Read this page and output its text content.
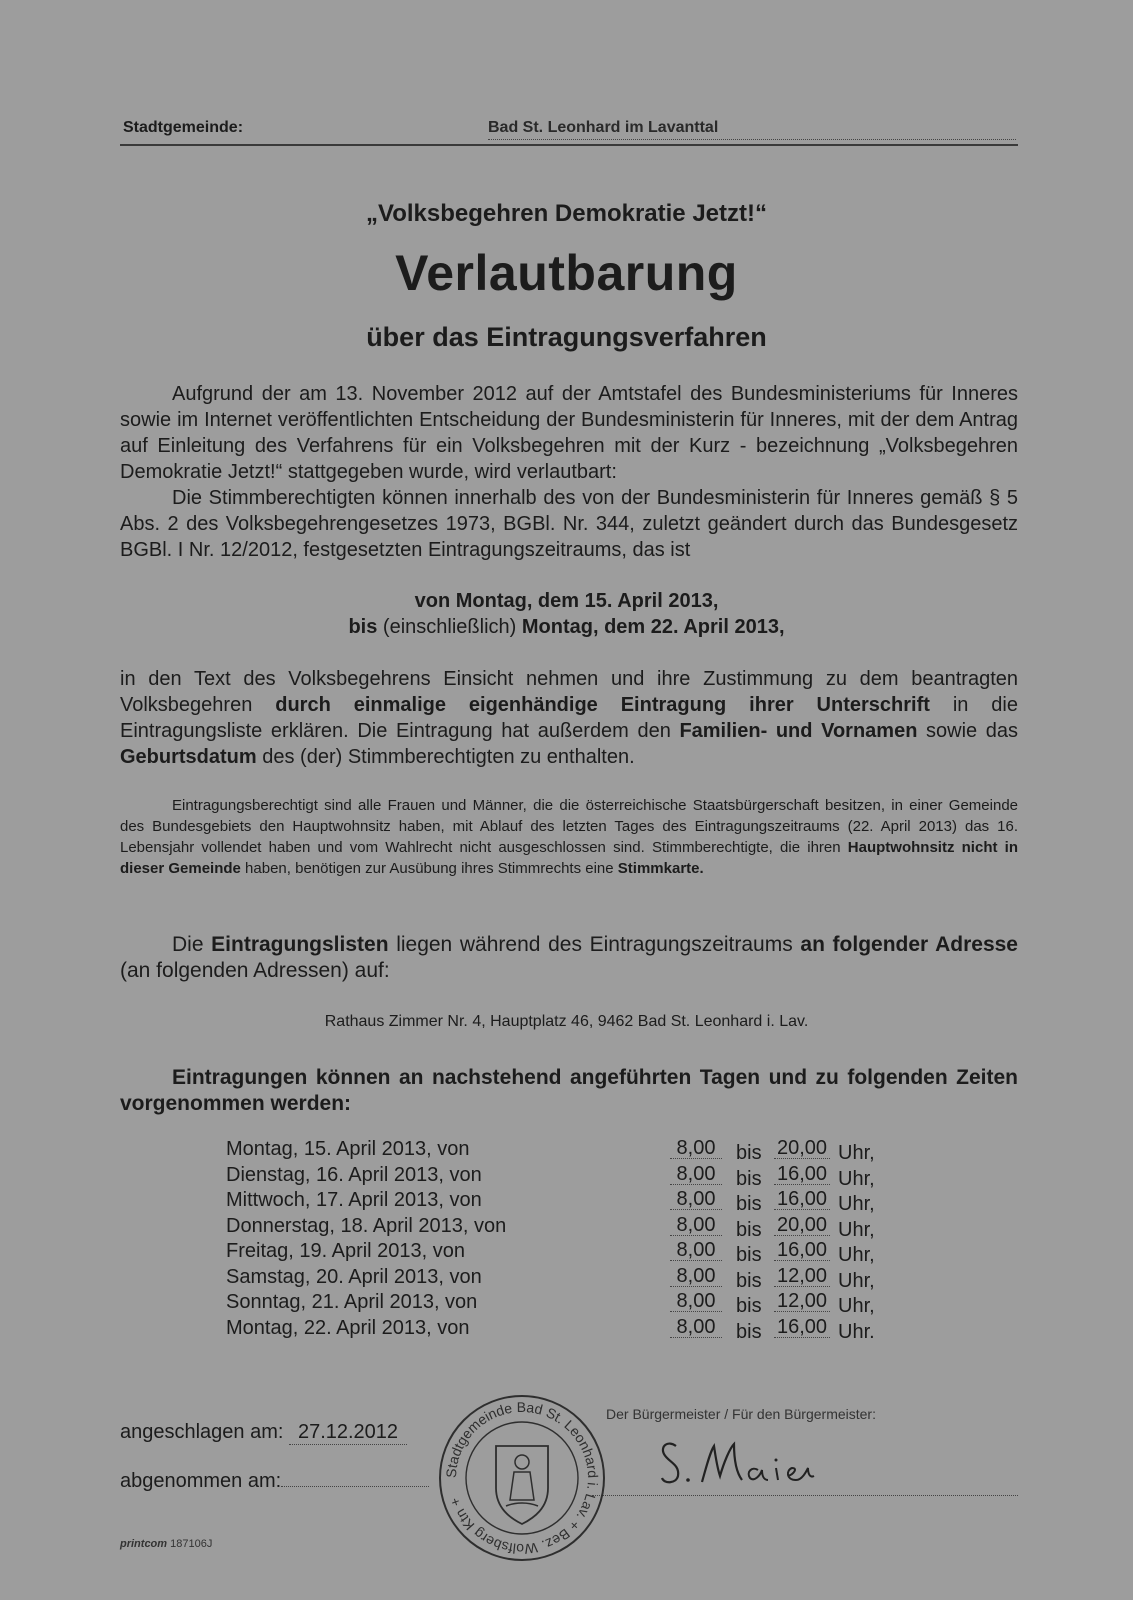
Stadtgemeinde:	Bad St. Leonhard im Lavanttal
„Volksbegehren Demokratie Jetzt!“
Verlautbarung
über das Eintragungsverfahren
Aufgrund der am 13. November 2012 auf der Amtstafel des Bundesministeriums für Inneres sowie im Internet veröffentlichten Entscheidung der Bundesministerin für Inneres, mit der dem Antrag auf Einleitung des Verfahrens für ein Volksbegehren mit der Kurz - bezeichnung „Volksbegehren Demokratie Jetzt!“ stattgegeben wurde, wird verlautbart:
Die Stimmberechtigten können innerhalb des von der Bundesministerin für Inneres gemäß § 5 Abs. 2 des Volksbegehrengesetzes 1973, BGBl. Nr. 344, zuletzt geändert durch das Bundesgesetz BGBl. I Nr. 12/2012, festgesetzten Eintragungszeitraums, das ist
von Montag, dem 15. April 2013,
bis (einschließlich) Montag, dem 22. April 2013,
in den Text des Volksbegehrens Einsicht nehmen und ihre Zustimmung zu dem beantragten Volksbegehren durch einmalige eigenhändige Eintragung ihrer Unterschrift in die Eintragungsliste erklären. Die Eintragung hat außerdem den Familien- und Vornamen sowie das Geburtsdatum des (der) Stimmberechtigten zu enthalten.
Eintragungsberechtigt sind alle Frauen und Männer, die die österreichische Staatsbürgerschaft besitzen, in einer Gemeinde des Bundesgebiets den Hauptwohnsitz haben, mit Ablauf des letzten Tages des Eintragungszeitraums (22. April 2013) das 16. Lebensjahr vollendet haben und vom Wahlrecht nicht ausgeschlossen sind. Stimmberechtigte, die ihren Hauptwohnsitz nicht in dieser Gemeinde haben, benötigen zur Ausübung ihres Stimmrechts eine Stimmkarte.
Die Eintragungslisten liegen während des Eintragungszeitraums an folgender Adresse (an folgenden Adressen) auf:
Rathaus Zimmer Nr. 4, Hauptplatz 46, 9462 Bad St. Leonhard i. Lav.
Eintragungen können an nachstehend angeführten Tagen und zu folgenden Zeiten vorgenommen werden:
Montag, 15. April 2013, von	8,00	bis 20,00 Uhr,
Dienstag, 16. April 2013, von	8,00	bis 16,00 Uhr,
Mittwoch, 17. April 2013, von	8,00	bis 16,00 Uhr,
Donnerstag, 18. April 2013, von	8,00	bis 20,00 Uhr,
Freitag, 19. April 2013, von	8,00	bis 16,00 Uhr,
Samstag, 20. April 2013, von	8,00	bis 12,00 Uhr,
Sonntag, 21. April 2013, von	8,00	bis 12,00 Uhr,
Montag, 22. April 2013, von	8,00	bis 16,00 Uhr.
angeschlagen am: 27.12.2012
abgenommen am:
Der Bürgermeister / Für den Bürgermeister:
Stadtgemeinde Bad St. Leonhard i. Lav. + Bez. Wolfsberg Ktn +
printcom 187106J
